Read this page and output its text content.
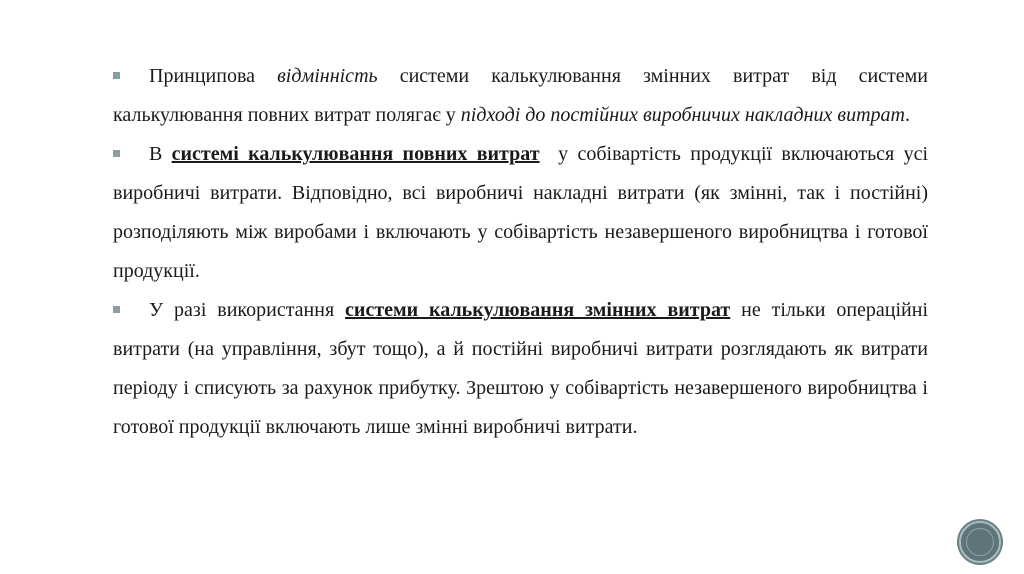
Принципова відмінність системи калькулювання змінних витрат від системи калькулювання повних витрат полягає у підході до постійних виробничих накладних витрат.

В системі калькулювання повних витрат  у собівартість продукції включаються усі виробничі витрати. Відповідно, всі виробничі накладні витрати (як змінні, так і постійні) розподіляють між виробами і включають у собівартість незавершеного виробництва і готової продукції.

У разі використання системи калькулювання змінних витрат не тільки операційні витрати (на управління, збут тощо), а й постійні виробничі витрати розглядають як витрати періоду і списують за рахунок прибутку. Зрештою у собівартість незавершеного виробництва і готової продукції включають лише змінні виробничі витрати.
